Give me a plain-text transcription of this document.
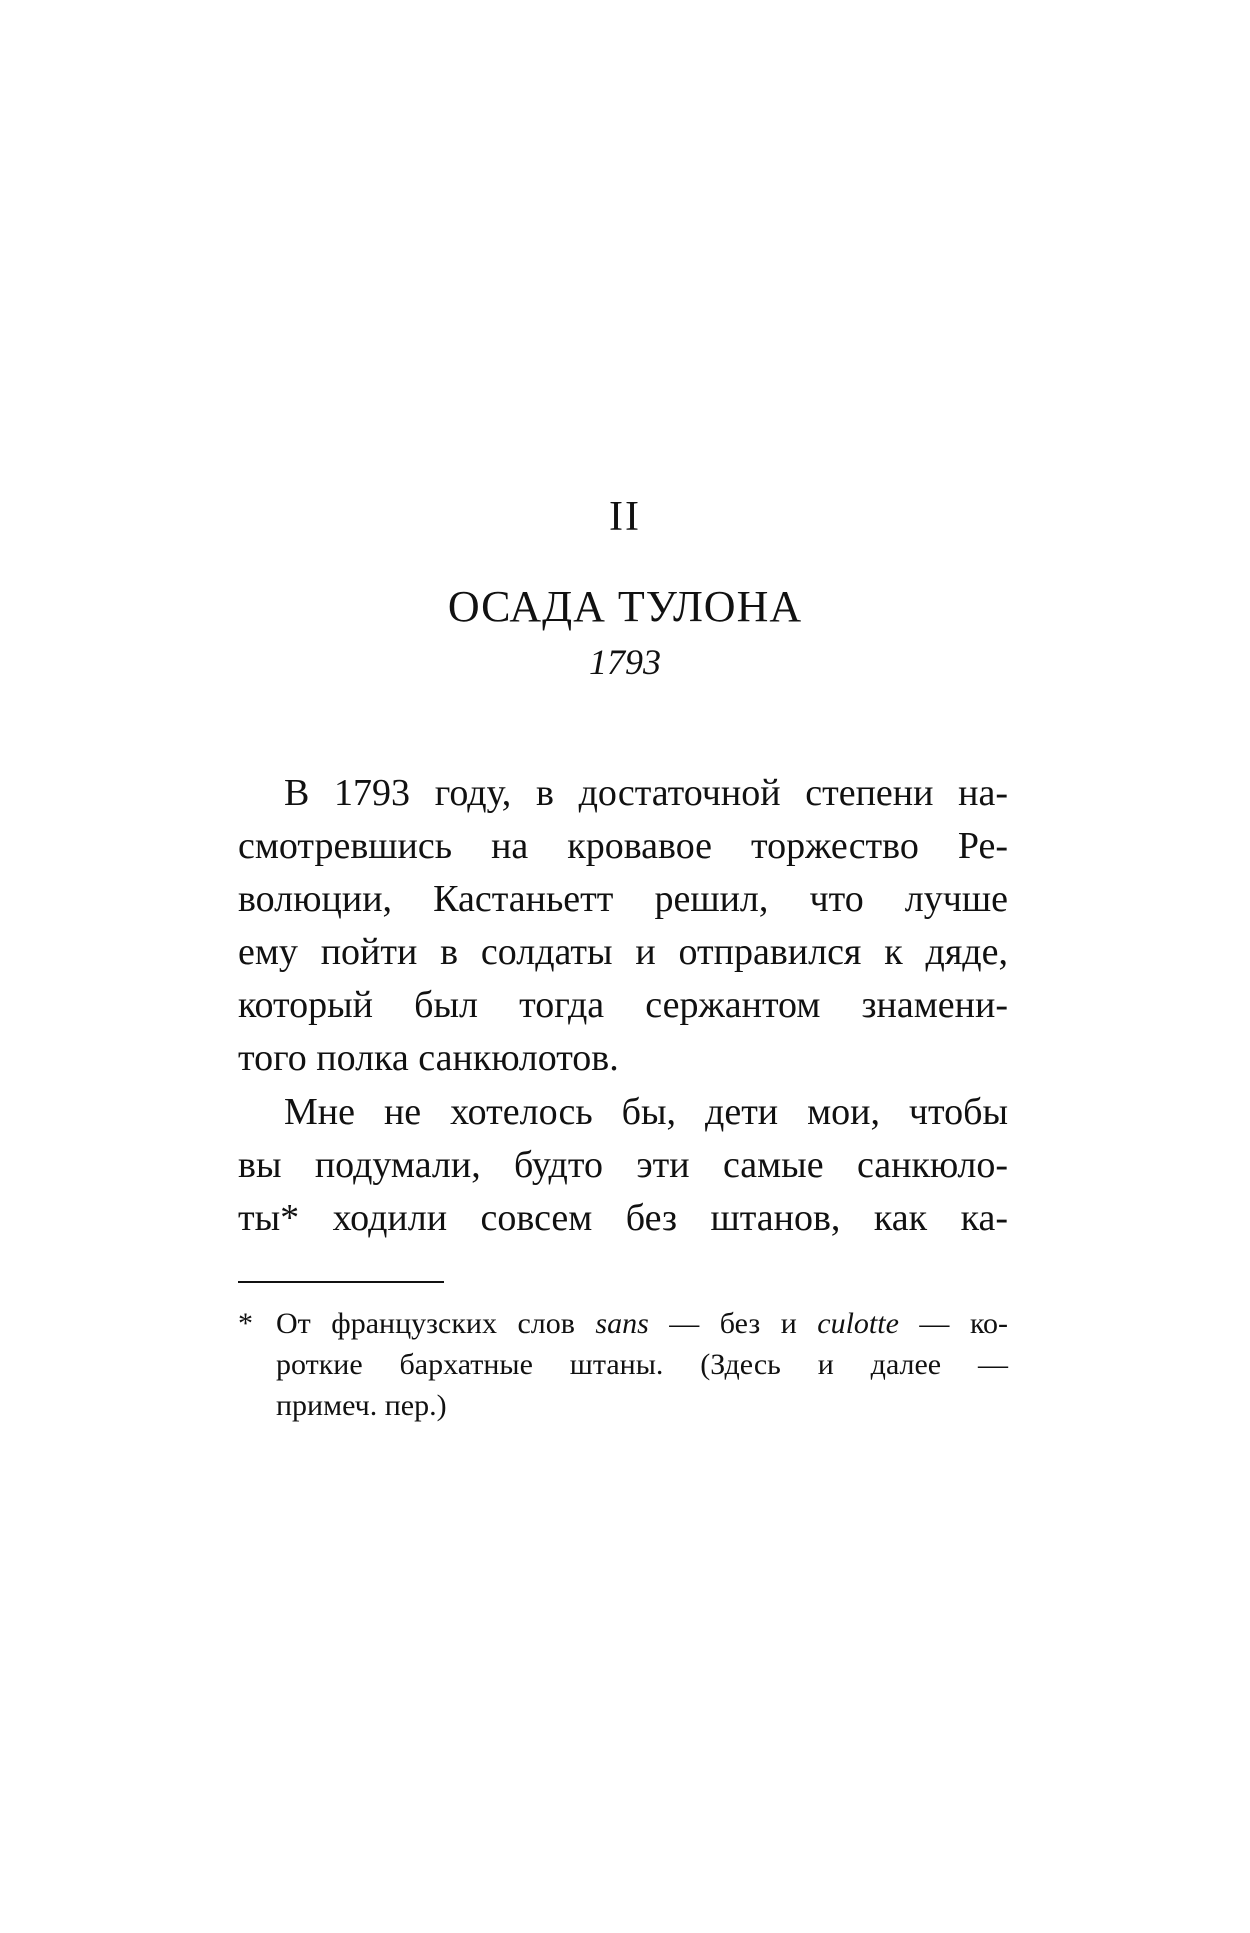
II
ОСАДА ТУЛОНА
1793
В 1793 году, в достаточной степени на-
смотревшись на кровавое торжество Ре-
волюции, Кастаньетт решил, что лучше
ему пойти в солдаты и отправился к дяде,
который был тогда сержантом знамени-
того полка санкюлотов.
Мне не хотелось бы, дети мои, чтобы
вы подумали, будто эти самые санкюло-
ты* ходили совсем без штанов, как ка-
* От французских слов sans — без и culotte — ко-
роткие бархатные штаны. (Здесь и далее —
примеч. пер.)
